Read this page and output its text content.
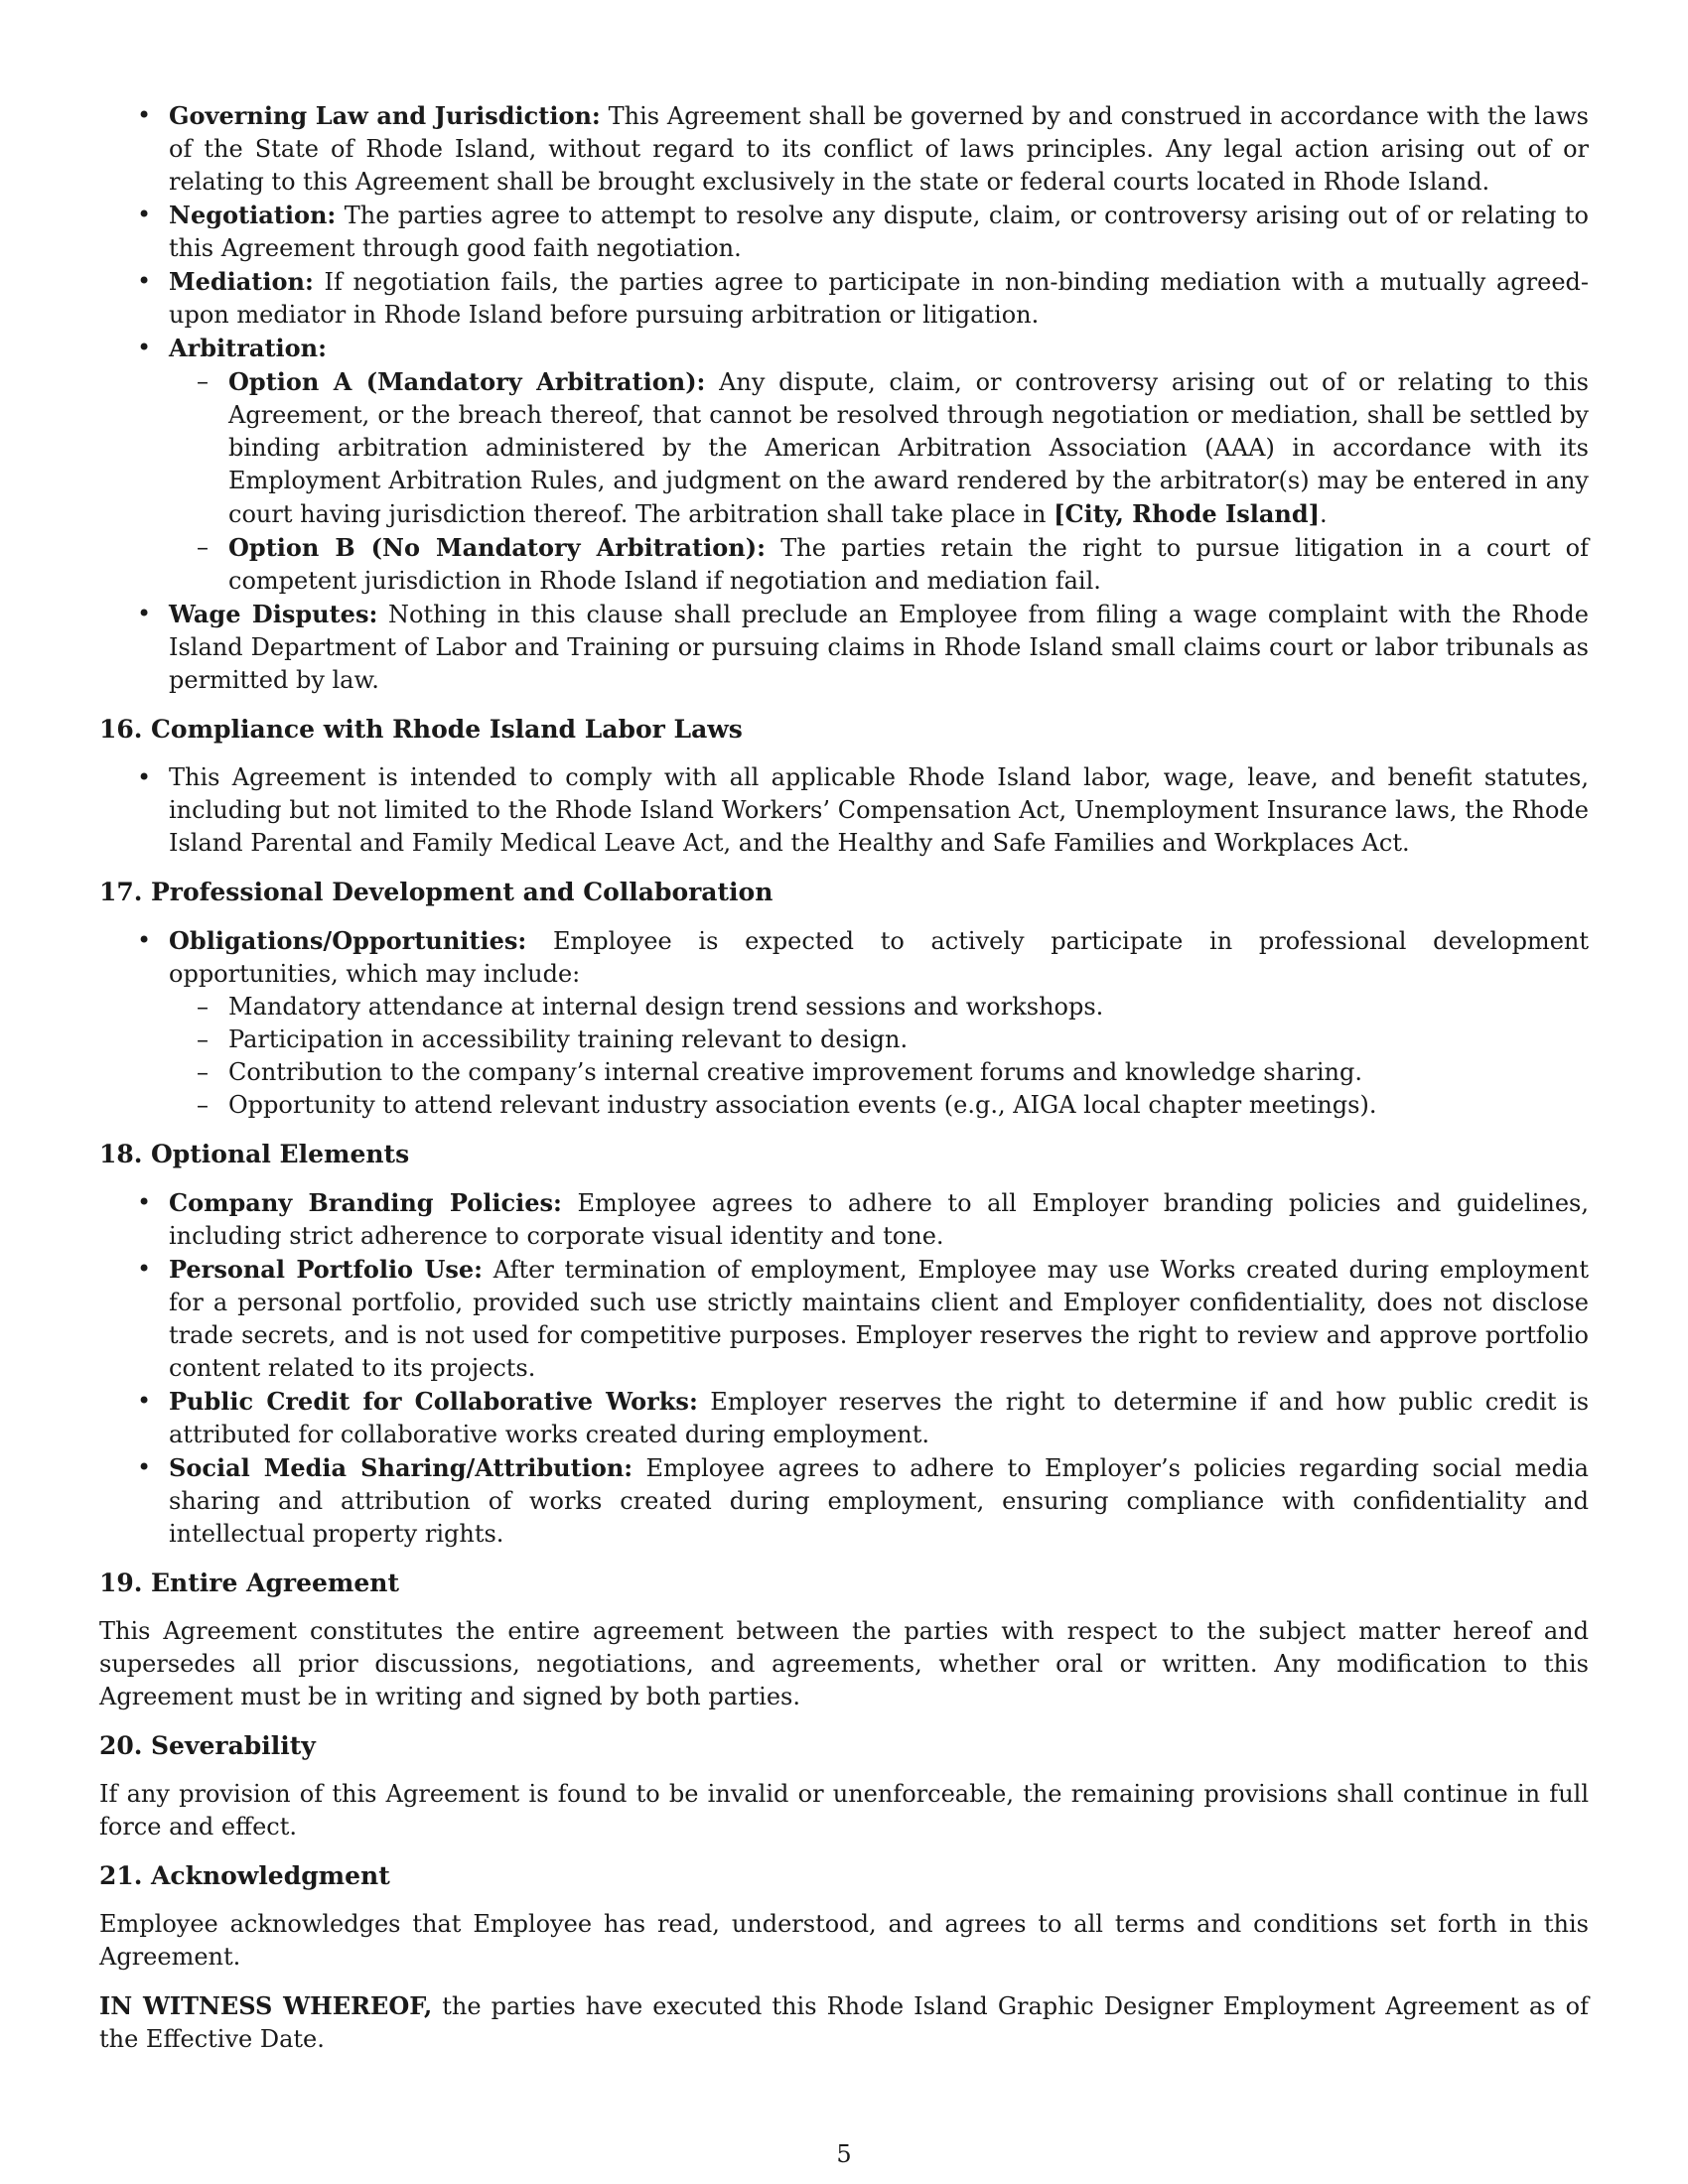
• Governing Law and Jurisdiction: This Agreement shall be governed by and construed in accordance with the laws of the State of Rhode Island, without regard to its conflict of laws principles. Any legal action arising out of or relating to this Agreement shall be brought exclusively in the state or federal courts located in Rhode Island.
• Negotiation: The parties agree to attempt to resolve any dispute, claim, or controversy arising out of or relating to this Agreement through good faith negotiation.
• Mediation: If negotiation fails, the parties agree to participate in non-binding mediation with a mutually agreed-upon mediator in Rhode Island before pursuing arbitration or litigation.
• Arbitration:
– Option A (Mandatory Arbitration): Any dispute, claim, or controversy arising out of or relating to this Agreement, or the breach thereof, that cannot be resolved through negotiation or mediation, shall be settled by binding arbitration administered by the American Arbitration Association (AAA) in accordance with its Employment Arbitration Rules, and judgment on the award rendered by the arbitrator(s) may be entered in any court having jurisdiction thereof. The arbitration shall take place in [City, Rhode Island].
– Option B (No Mandatory Arbitration): The parties retain the right to pursue litigation in a court of competent jurisdiction in Rhode Island if negotiation and mediation fail.
• Wage Disputes: Nothing in this clause shall preclude an Employee from filing a wage complaint with the Rhode Island Department of Labor and Training or pursuing claims in Rhode Island small claims court or labor tribunals as permitted by law.
16. Compliance with Rhode Island Labor Laws
• This Agreement is intended to comply with all applicable Rhode Island labor, wage, leave, and benefit statutes, including but not limited to the Rhode Island Workers’ Compensation Act, Unemployment Insurance laws, the Rhode Island Parental and Family Medical Leave Act, and the Healthy and Safe Families and Workplaces Act.
17. Professional Development and Collaboration
• Obligations/Opportunities: Employee is expected to actively participate in professional development opportunities, which may include:
– Mandatory attendance at internal design trend sessions and workshops.
– Participation in accessibility training relevant to design.
– Contribution to the company’s internal creative improvement forums and knowledge sharing.
– Opportunity to attend relevant industry association events (e.g., AIGA local chapter meetings).
18. Optional Elements
• Company Branding Policies: Employee agrees to adhere to all Employer branding policies and guidelines, including strict adherence to corporate visual identity and tone.
• Personal Portfolio Use: After termination of employment, Employee may use Works created during employment for a personal portfolio, provided such use strictly maintains client and Employer confidentiality, does not disclose trade secrets, and is not used for competitive purposes. Employer reserves the right to review and approve portfolio content related to its projects.
• Public Credit for Collaborative Works: Employer reserves the right to determine if and how public credit is attributed for collaborative works created during employment.
• Social Media Sharing/Attribution: Employee agrees to adhere to Employer’s policies regarding social media sharing and attribution of works created during employment, ensuring compliance with confidentiality and intellectual property rights.
19. Entire Agreement

This Agreement constitutes the entire agreement between the parties with respect to the subject matter hereof and supersedes all prior discussions, negotiations, and agreements, whether oral or written. Any modification to this Agreement must be in writing and signed by both parties.

20. Severability

If any provision of this Agreement is found to be invalid or unenforceable, the remaining provisions shall continue in full force and effect.

21. Acknowledgment

Employee acknowledges that Employee has read, understood, and agrees to all terms and conditions set forth in this Agreement.

IN WITNESS WHEREOF, the parties have executed this Rhode Island Graphic Designer Employment Agreement as of the Effective Date.

5
